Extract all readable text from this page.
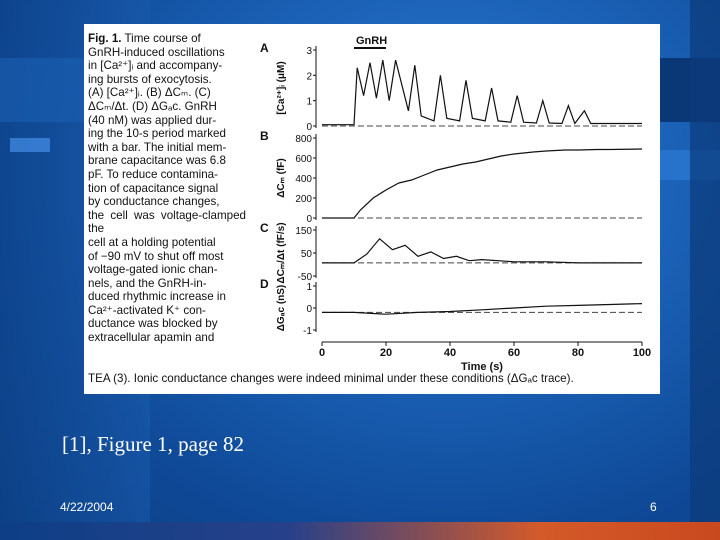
Fig. 1. Time course of
GnRH-induced oscillations
in [Ca²⁺]ᵢ and accompany-
ing bursts of exocytosis.
(A) [Ca²⁺]ᵢ. (B) ΔCₘ. (C)
ΔCₘ/Δt. (D) ΔGₐc. GnRH
(40 nM) was applied dur-
ing the 10-s period marked
with a bar. The initial mem-
brane capacitance was 6.8
pF. To reduce contamina-
tion of capacitance signal
by conductance changes,
the cell was voltage-clamped the
cell at a holding potential
of −90 mV to shut off most
voltage-gated ionic chan-
nels, and the GnRH-in-
duced rhythmic increase in
Ca²⁺-activated K⁺ con-
ductance was blocked by
extracellular apamin and
TEA (3). Ionic conductance changes were indeed minimal under these conditions (ΔGₐc trace).
GnRH
A
[Ca²⁺]ᵢ (μM)
3
2
1
0
B
ΔCₘ (fF)
800
600
400
200
0
C ΔCₘ/Δt (fF/s) 150
50
-50
D
ΔGₐc (nS) 1
0
-1
0	20	40	60	80	100
Time (s)
[1], Figure 1, page 82
4/22/2004	6
